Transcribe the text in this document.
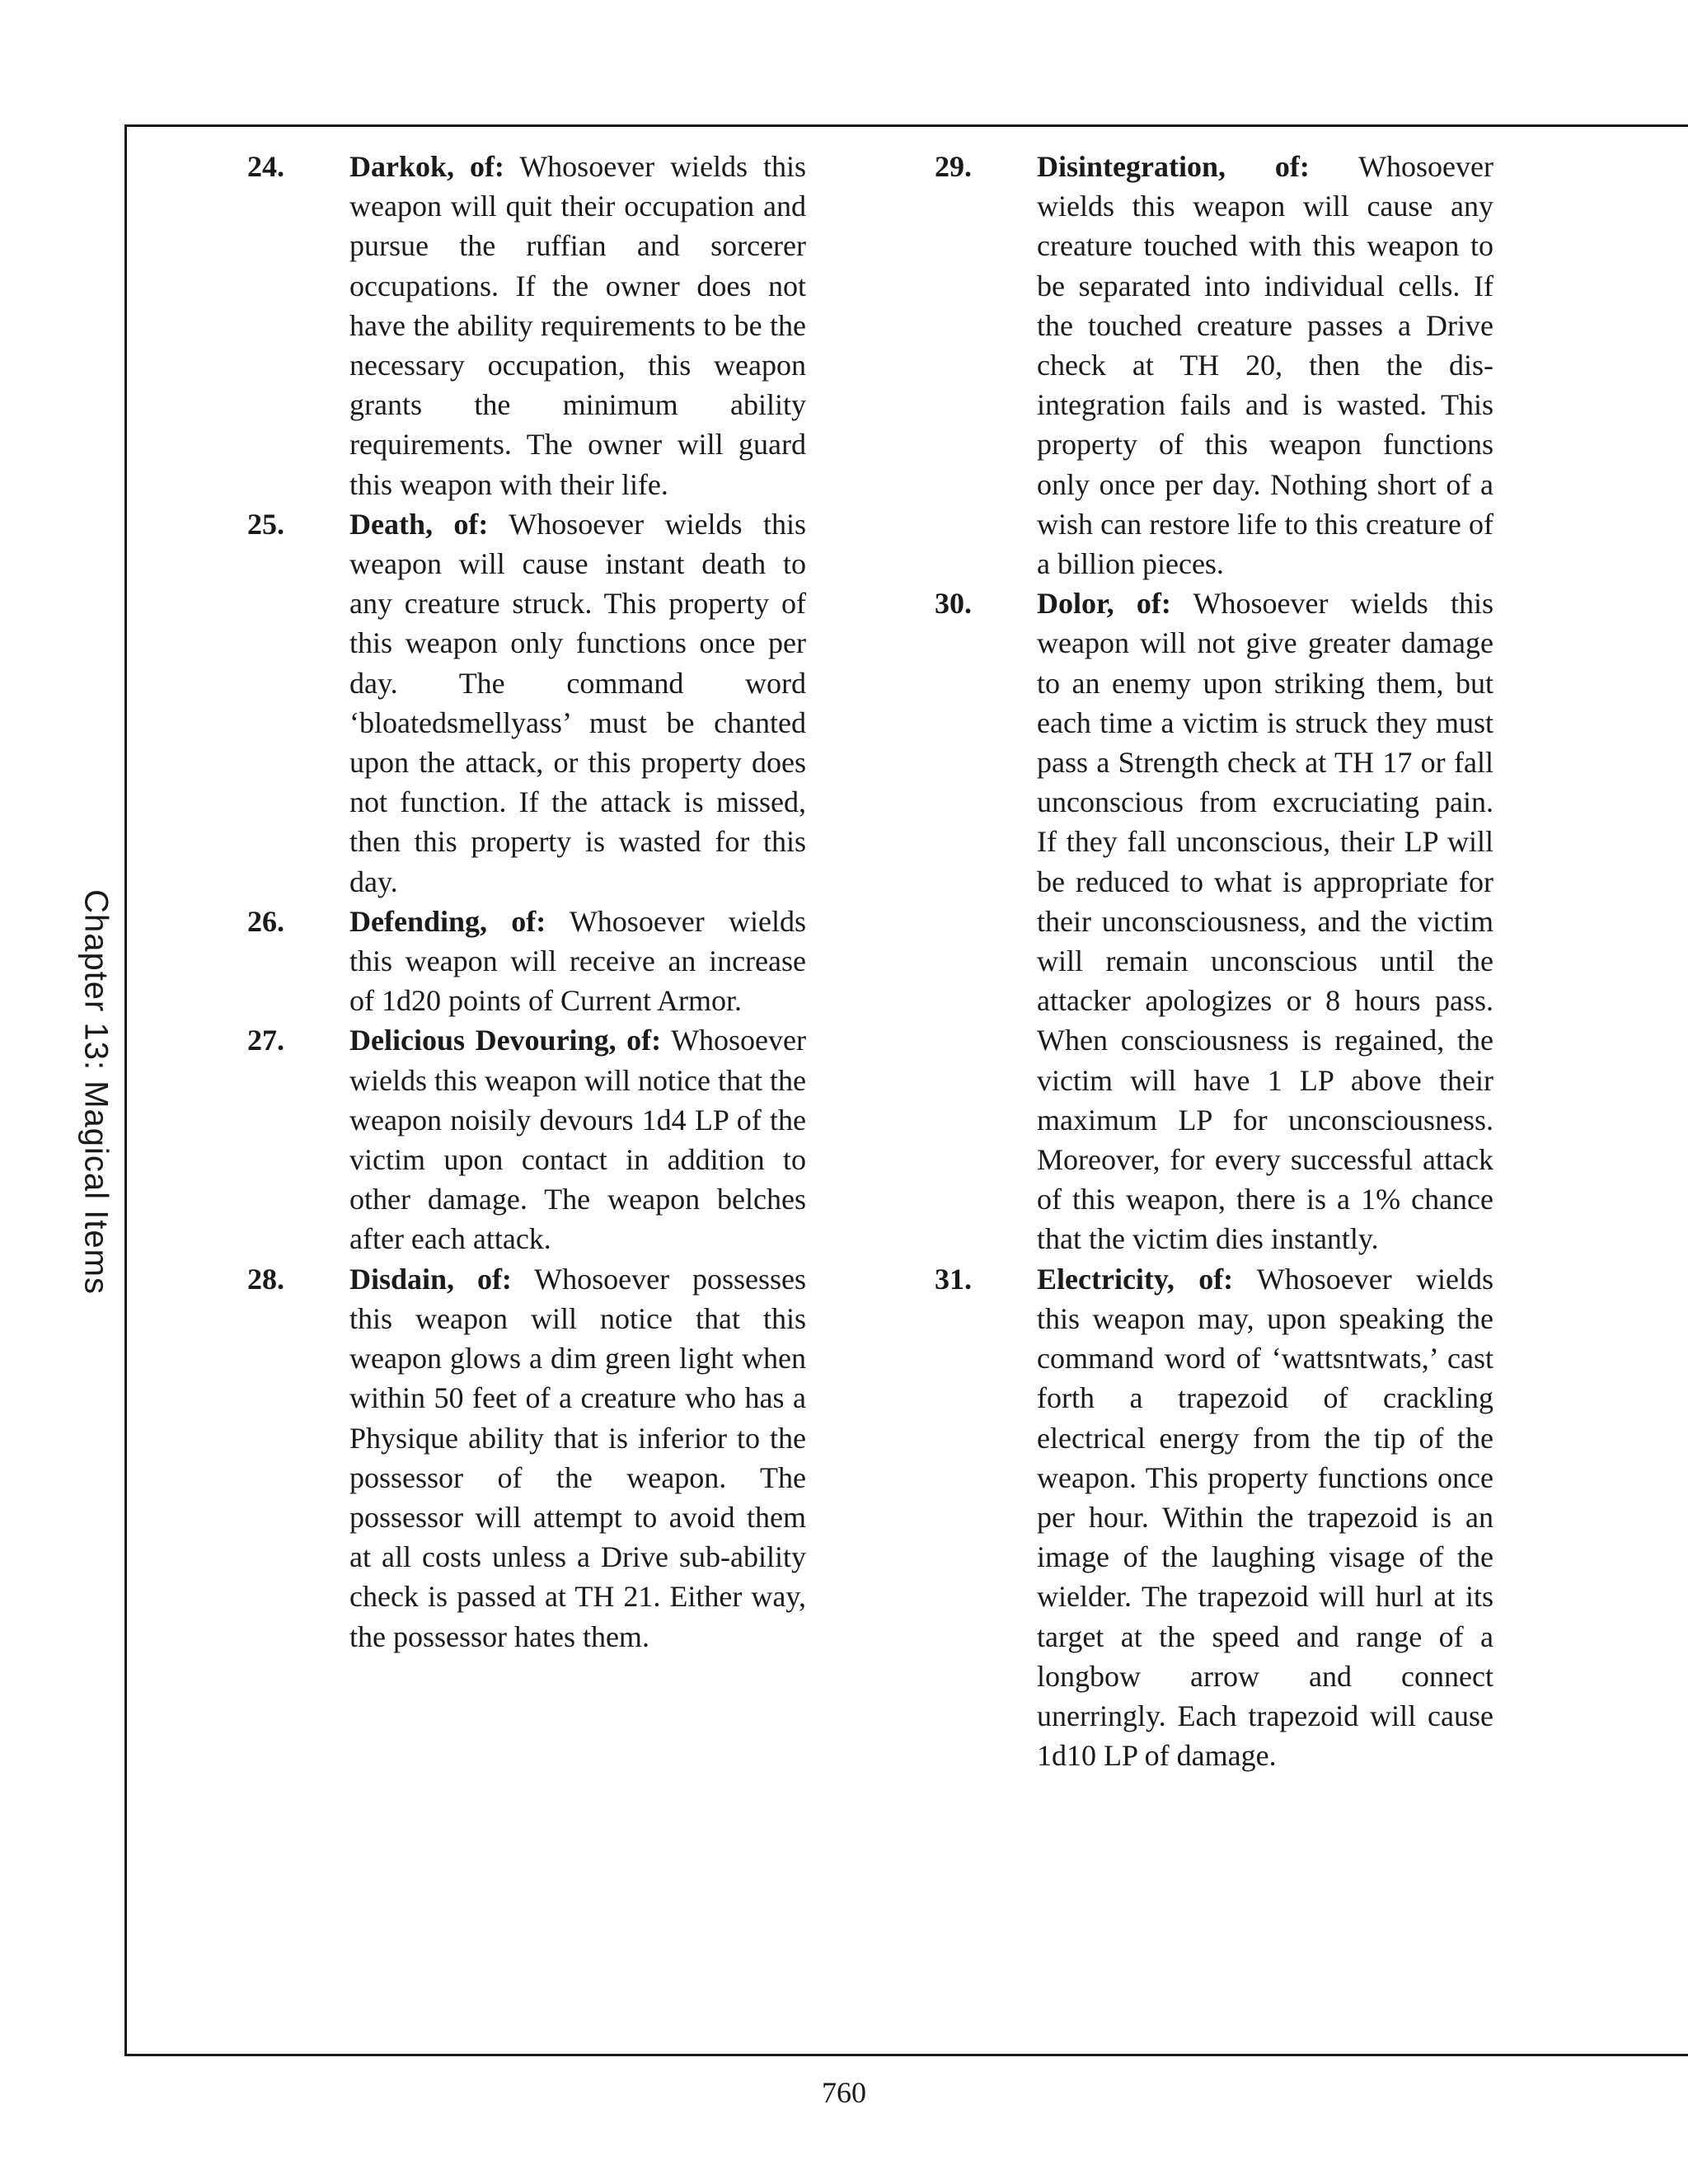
Chapter 13: Magical Items
24.	Darkok, of: Whosoever wields this weapon will quit their occupation and pursue the ruffian and sorcerer occupations. If the owner does not have the ability requirements to be the necessary occupation, this weapon grants the minimum ability requirements. The owner will guard this weapon with their life.
25.	Death, of: Whosoever wields this weapon will cause instant death to any creature struck. This property of this weapon only functions once per day. The command word ‘bloatedsmellyass’ must be chanted upon the attack, or this property does not function. If the attack is missed, then this property is wasted for this day.
26.	Defending, of: Whosoever wields this weapon will receive an increase of 1d20 points of Current Armor.
27.	Delicious Devouring, of: Whosoever wields this weapon will notice that the weapon noisily devours 1d4 LP of the victim upon contact in addition to other damage. The weapon belches after each attack.
28.	Disdain, of: Whosoever possesses this weapon will notice that this weapon glows a dim green light when within 50 feet of a creature who has a Physique ability that is inferior to the possessor of the weapon. The possessor will attempt to avoid them at all costs unless a Drive sub-ability check is passed at TH 21. Either way, the possessor hates them.
29.	Disintegration, of: Whosoever wields this weapon will cause any creature touched with this weapon to be separated into individual cells. If the touched creature passes a Drive check at TH 20, then the disintegration fails and is wasted. This property of this weapon functions only once per day. Nothing short of a wish can restore life to this creature of a billion pieces.
30.	Dolor, of: Whosoever wields this weapon will not give greater damage to an enemy upon striking them, but each time a victim is struck they must pass a Strength check at TH 17 or fall unconscious from excruciating pain. If they fall unconscious, their LP will be reduced to what is appropriate for their unconsciousness, and the victim will remain unconscious until the attacker apologizes or 8 hours pass. When consciousness is regained, the victim will have 1 LP above their maximum LP for unconsciousness. Moreover, for every successful attack of this weapon, there is a 1% chance that the victim dies instantly.
31.	Electricity, of: Whosoever wields this weapon may, upon speaking the command word of ‘wattsntwats,’ cast forth a trapezoid of crackling electrical energy from the tip of the weapon. This property functions once per hour. Within the trapezoid is an image of the laughing visage of the wielder. The trapezoid will hurl at its target at the speed and range of a longbow arrow and connect unerringly. Each trapezoid will cause 1d10 LP of damage.
760
